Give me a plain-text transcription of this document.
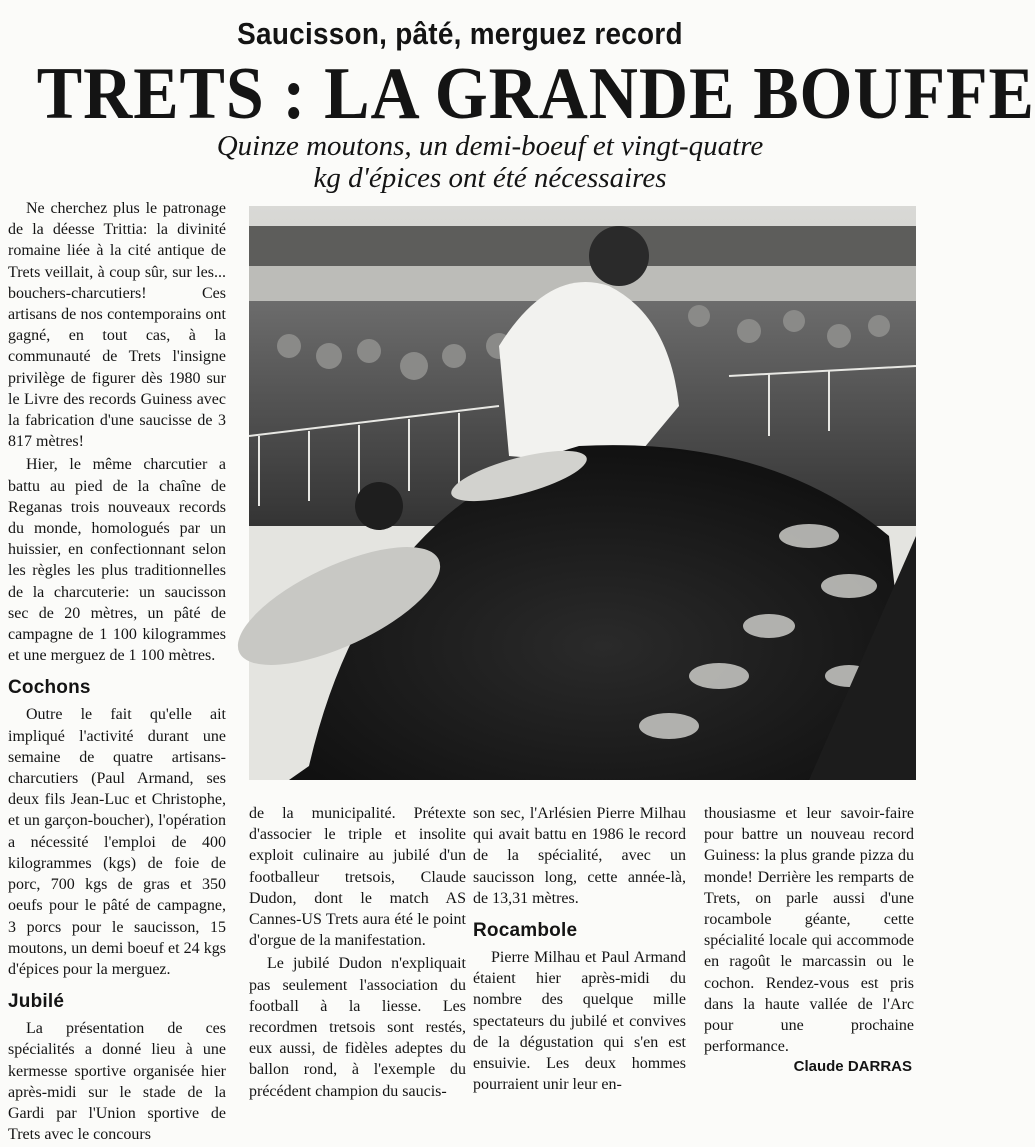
Saucisson, pâté, merguez record
TRETS : LA GRANDE BOUFFE
Quinze moutons, un demi-boeuf et vingt-quatre
kg d'épices ont été nécessaires

Ne cherchez plus le patronage de la déesse Trittia: la divinité romaine liée à la cité antique de Trets veillait, à coup sûr, sur les... bouchers-charcutiers! Ces artisans de nos contemporains ont gagné, en tout cas, à la communauté de Trets l'insigne privilège de figurer dès 1980 sur le Livre des records Guiness avec la fabrication d'une saucisse de 3 817 mètres!

Hier, le même charcutier a battu au pied de la chaîne de Reganas trois nouveaux records du monde, homologués par un huissier, en confectionnant selon les règles les plus traditionnelles de la charcuterie: un saucisson sec de 20 mètres, un pâté de campagne de 1 100 kilogrammes et une merguez de 1 100 mètres.

Cochons

Outre le fait qu'elle ait impliqué l'activité durant une semaine de quatre artisans-charcutiers (Paul Armand, ses deux fils Jean-Luc et Christophe, et un garçon-boucher), l'opération a nécessité l'emploi de 400 kilogrammes (kgs) de foie de porc, 700 kgs de gras et 350 oeufs pour le pâté de campagne, 3 porcs pour le saucisson, 15 moutons, un demi boeuf et 24 kgs d'épices pour la merguez.

Jubilé

La présentation de ces spécialités a donné lieu à une kermesse sportive organisée hier après-midi sur le stade de la Gardi par l'Union sportive de Trets avec le concours

de la municipalité. Prétexte d'associer le triple et insolite exploit culinaire au jubilé d'un footballeur tretsois, Claude Dudon, dont le match AS Cannes-US Trets aura été le point d'orgue de la manifestation.

Le jubilé Dudon n'expliquait pas seulement l'association du football à la liesse. Les recordmen tretsois sont restés, eux aussi, de fidèles adeptes du ballon rond, à l'exemple du précédent champion du saucis-

son sec, l'Arlésien Pierre Milhau qui avait battu en 1986 le record de la spécialité, avec un saucisson long, cette année-là, de 13,31 mètres.

Rocambole

Pierre Milhau et Paul Armand étaient hier après-midi du nombre des quelque mille spectateurs du jubilé et convives de la dégustation qui s'en est ensuivie. Les deux hommes pourraient unir leur en-

thousiasme et leur savoir-faire pour battre un nouveau record Guiness: la plus grande pizza du monde! Derrière les remparts de Trets, on parle aussi d'une rocambole géante, cette spécialité locale qui accommode en ragoût le marcassin ou le cochon. Rendez-vous est pris dans la haute vallée de l'Arc pour une prochaine performance.

Claude DARRAS
